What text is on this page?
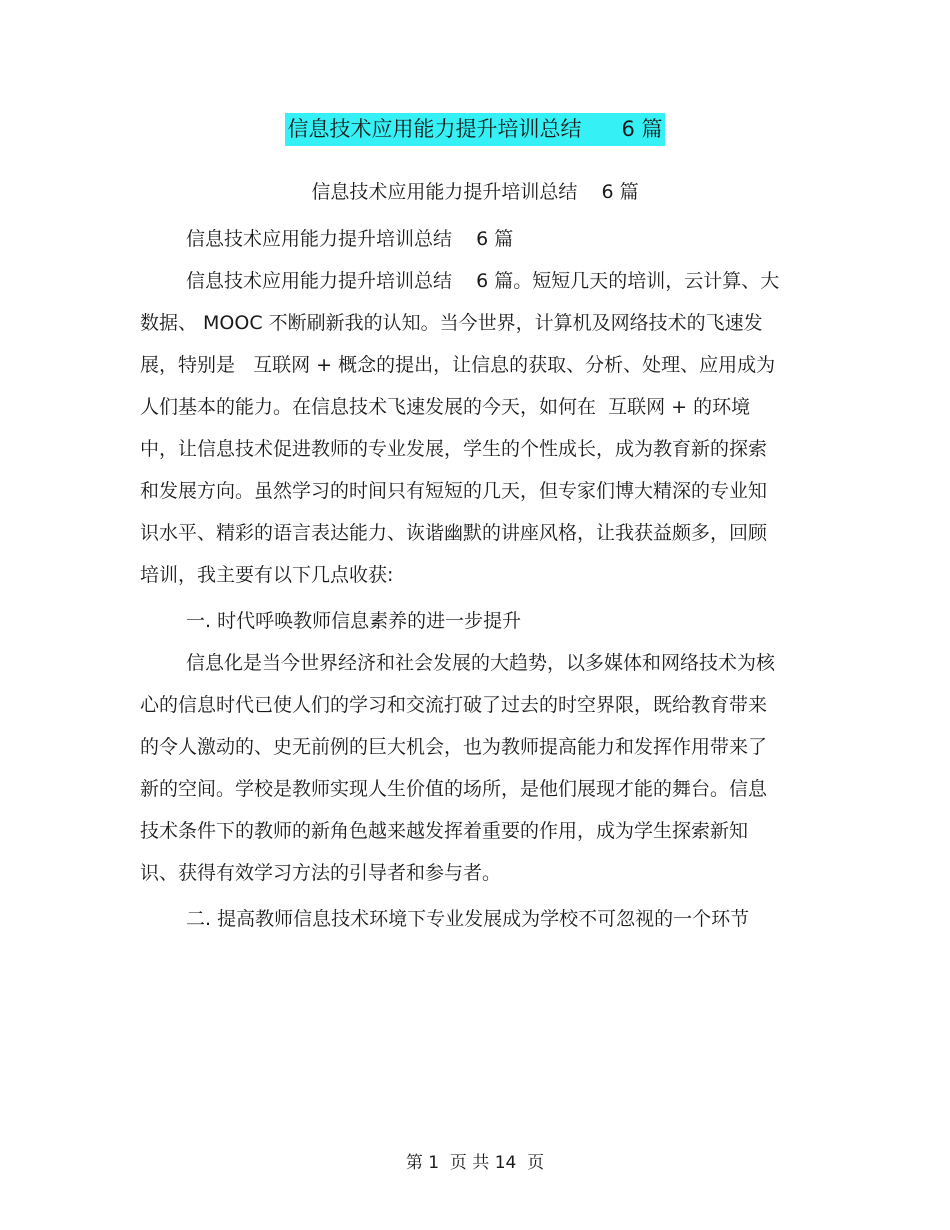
信息技术应用能力提升培训总结      6 篇
信息技术应用能力提升培训总结    6 篇

信息技术应用能力提升培训总结    6 篇

信息技术应用能力提升培训总结    6 篇。短短几天的培训，云计算、大数据、 MOOC 不断刷新我的认知。当今世界，计算机及网络技术的飞速发展，特别是   互联网 + 概念的提出，让信息的获取、分析、处理、应用成为人们基本的能力。在信息技术飞速发展的今天，如何在  互联网 + 的环境中，让信息技术促进教师的专业发展，学生的个性成长，成为教育新的探索和发展方向。虽然学习的时间只有短短的几天，但专家们博大精深的专业知识水平、精彩的语言表达能力、诙谐幽默的讲座风格，让我获益颇多，回顾培训，我主要有以下几点收获:

一. 时代呼唤教师信息素养的进一步提升

信息化是当今世界经济和社会发展的大趋势，以多媒体和网络技术为核心的信息时代已使人们的学习和交流打破了过去的时空界限，既给教育带来的令人激动的、史无前例的巨大机会，也为教师提高能力和发挥作用带来了新的空间。学校是教师实现人生价值的场所，是他们展现才能的舞台。信息技术条件下的教师的新角色越来越发挥着重要的作用，成为学生探索新知识、获得有效学习方法的引导者和参与者。

二. 提高教师信息技术环境下专业发展成为学校不可忽视的一个环节

第 1  页 共 14  页
